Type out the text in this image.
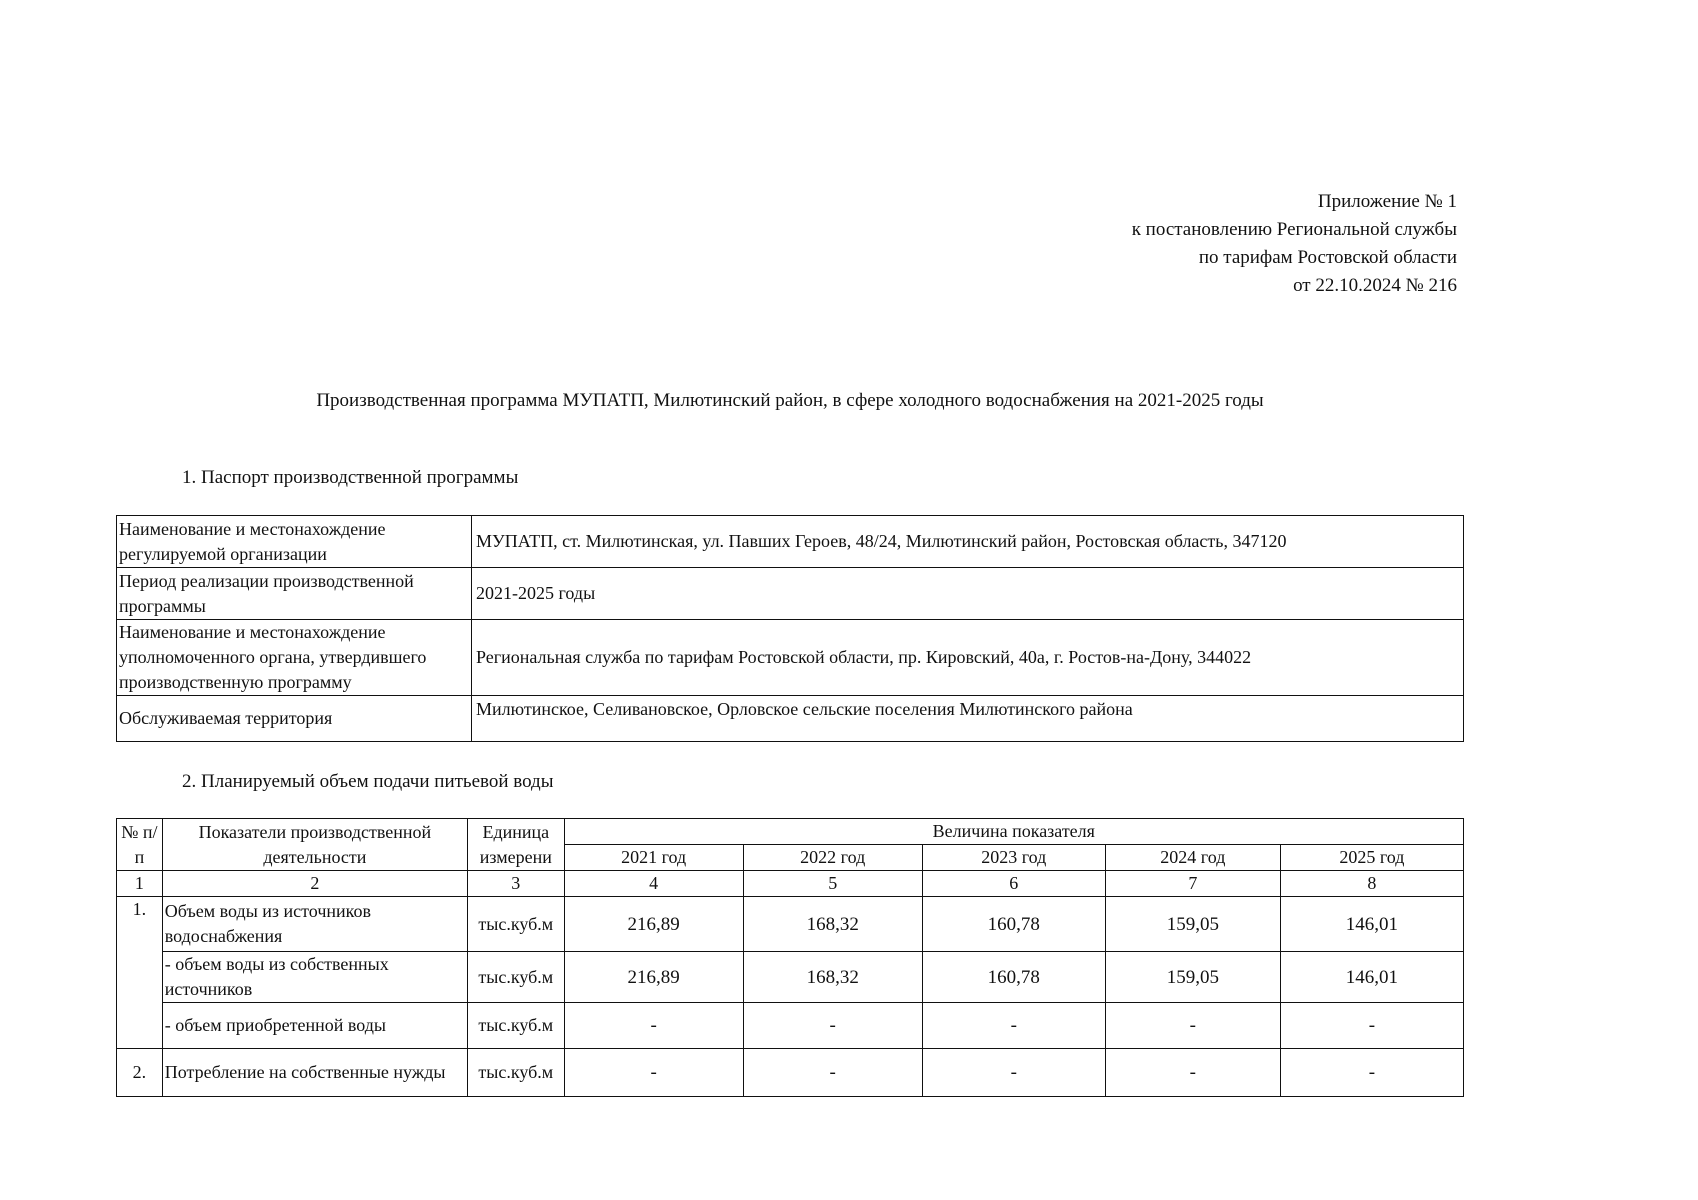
Приложение № 1
к постановлению Региональной службы
по тарифам Ростовской области
от 22.10.2024 № 216
Производственная программа МУПАТП, Милютинский район, в сфере холодного водоснабжения на 2021-2025 годы
1. Паспорт производственной программы
Наименование и местонахождение регулируемой организации	МУПАТП, ст. Милютинская, ул. Павших Героев, 48/24, Милютинский район, Ростовская область, 347120
Период реализации производственной программы	2021-2025 годы
Наименование и местонахождение уполномоченного органа, утвердившего производственную программу	Региональная служба по тарифам Ростовской области, пр. Кировский, 40а, г. Ростов-на-Дону, 344022
Обслуживаемая территория	Милютинское, Селивановское, Орловское сельские поселения Милютинского района
2. Планируемый объем подачи питьевой воды
№ п/п	Показатели производственной деятельности	Единица измерени	Величина показателя				
			2021 год	2022 год	2023 год	2024 год	2025 год
1	2	3	4	5	6	7	8
1.	Объем воды из источников водоснабжения	тыс.куб.м	216,89	168,32	160,78	159,05	146,01
	- объем воды из собственных источников	тыс.куб.м	216,89	168,32	160,78	159,05	146,01
	- объем приобретенной воды	тыс.куб.м	-	-	-	-	-
2.	Потребление на собственные нужды	тыс.куб.м	-	-	-	-	-
